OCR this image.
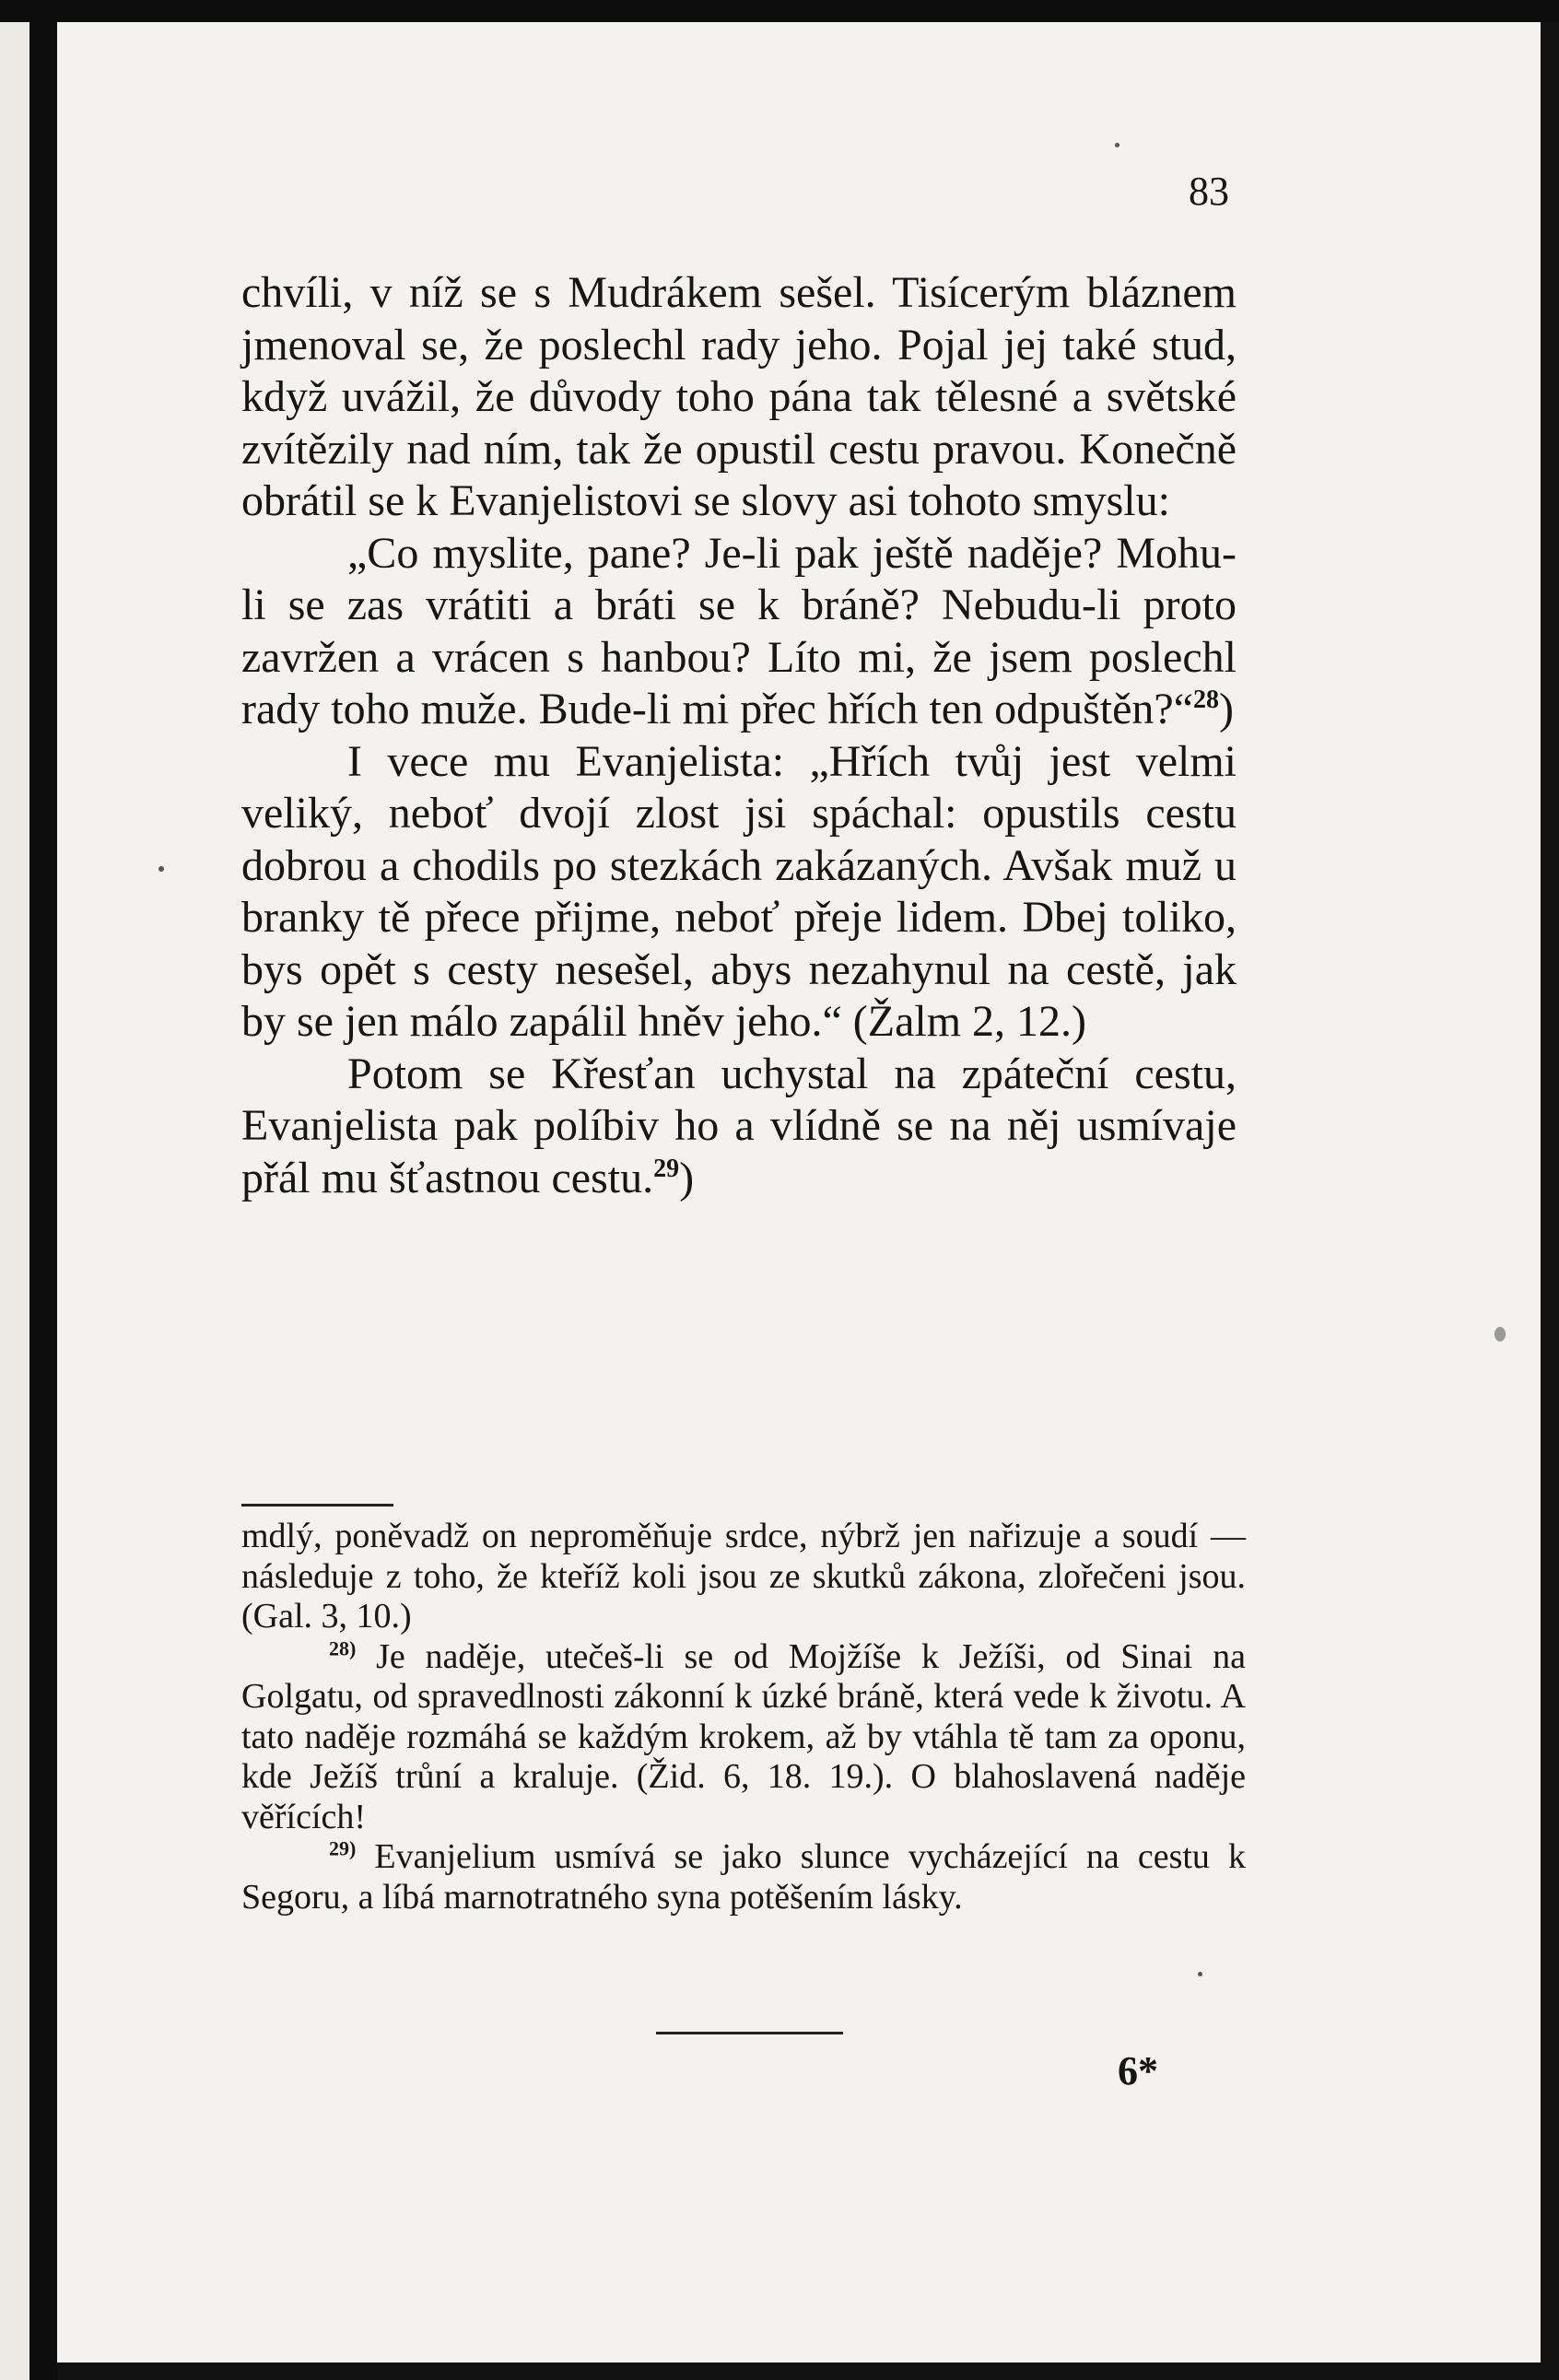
83

chvíli, v níž se s Mudrákem sešel. Tisícerým bláznem jmenoval se, že poslechl rady jeho. Pojal jej také stud, když uvážil, že důvody toho pána tak tělesné a světské zvítězily nad ním, tak že opustil cestu pravou. Konečně obrátil se k Evanjelistovi se slovy asi tohoto smyslu:

„Co myslite, pane? Je-li pak ještě naděje? Mohu-li se zas vrátiti a bráti se k bráně? Nebudu-li proto zavržen a vrácen s hanbou? Líto mi, že jsem poslechl rady toho muže. Bude-li mi přec hřích ten odpuštěn?“$^{28}$)

I vece mu Evanjelista: „Hřích tvůj jest velmi veliký, neboť dvojí zlost jsi spáchal: opustils cestu dobrou a chodils po stezkách zakázaných. Avšak muž u branky tě přece přijme, neboť přeje lidem. Dbej toliko, bys opět s cesty nesešel, abys nezahynul na cestě, jak by se jen málo zapálil hněv jeho.“ (Žalm 2, 12.)

Potom se Křesťan uchystal na zpáteční cestu, Evanjelista pak políbiv ho a vlídně se na něj usmívaje přál mu šťastnou cestu.$^{29}$)

mdlý, poněvadž on neproměňuje srdce, nýbrž jen nařizuje a soudí — následuje z toho, že kteříž koli jsou ze skutků zákona, zlořečeni jsou. (Gal. 3, 10.)

$^{28)}$ Je naděje, utečeš-li se od Mojžíše k Ježíši, od Sinai na Golgatu, od spravedlnosti zákonní k úzké bráně, která vede k životu. A tato naděje rozmáhá se každým krokem, až by vtáhla tě tam za oponu, kde Ježíš trůní a kraluje. (Žid. 6, 18. 19.). O blahoslavená naděje věřících!

$^{29)}$ Evanjelium usmívá se jako slunce vycházející na cestu k Segoru, a líbá marnotratného syna potěšením lásky.

6*
